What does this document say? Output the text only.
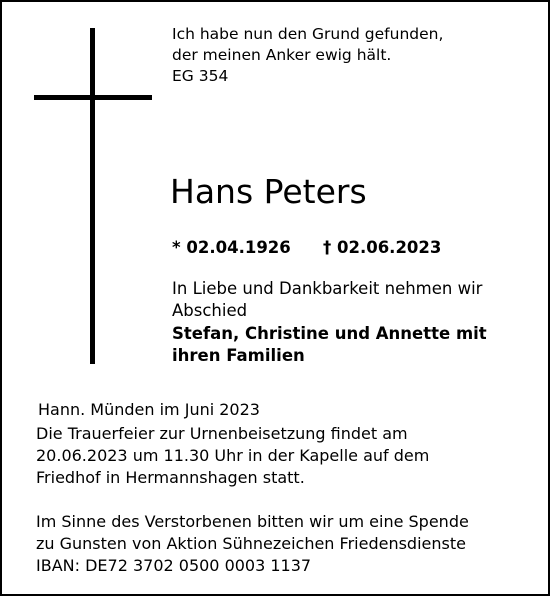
Ich habe nun den Grund gefunden,
der meinen Anker ewig hält.
EG 354
Hans Peters
* 02.04.1926 † 02.06.2023
In Liebe und Dankbarkeit nehmen wir
Abschied
Stefan, Christine und Annette mit
ihren Familien
Hann. Münden im Juni 2023
Die Trauerfeier zur Urnenbeisetzung findet am
20.06.2023 um 11.30 Uhr in der Kapelle auf dem
Friedhof in Hermannshagen statt.
Im Sinne des Verstorbenen bitten wir um eine Spende
zu Gunsten von Aktion Sühnezeichen Friedensdienste
IBAN: DE72 3702 0500 0003 1137
